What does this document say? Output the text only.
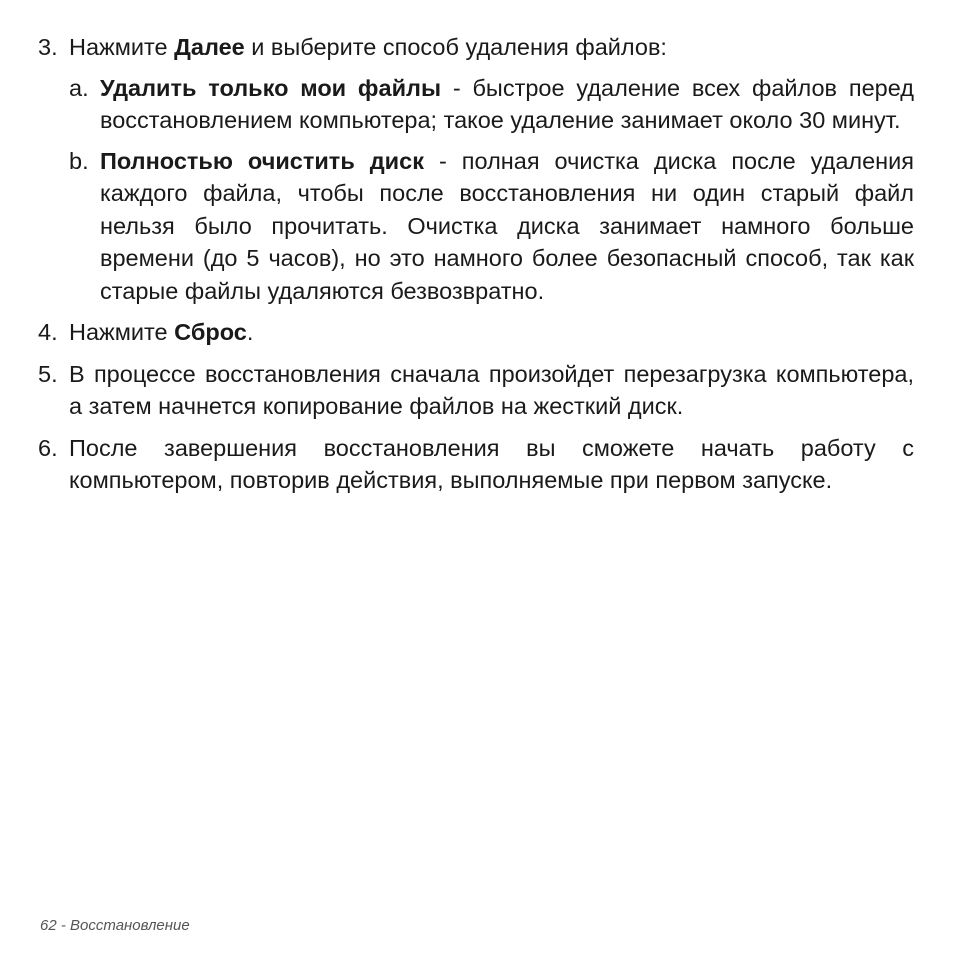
3. Нажмите Далее и выберите способ удаления файлов:
a. Удалить только мои файлы - быстрое удаление всех файлов перед восстановлением компьютера; такое удаление занимает около 30 минут.
b. Полностью очистить диск - полная очистка диска после удаления каждого файла, чтобы после восстановления ни один старый файл нельзя было прочитать. Очистка диска занимает намного больше времени (до 5 часов), но это намного более безопасный способ, так как старые файлы удаляются безвозвратно.
4. Нажмите Сброс.
5. В процессе восстановления сначала произойдет перезагрузка компьютера, а затем начнется копирование файлов на жесткий диск.
6. После завершения восстановления вы сможете начать работу с компьютером, повторив действия, выполняемые при первом запуске.
62 - Восстановление
